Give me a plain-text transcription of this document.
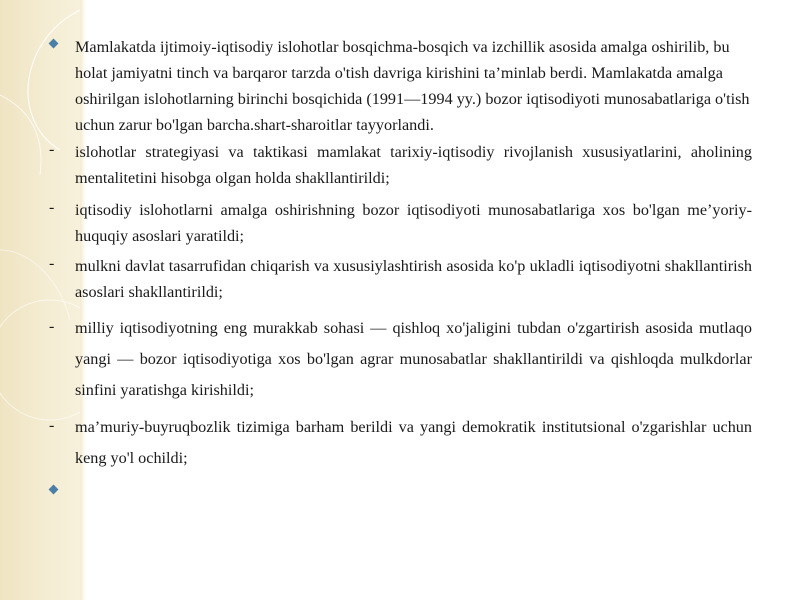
Mamlakatda ijtimoiy-iqtisodiy islohotlar bosqichma-bosqich va izchillik asosida amalga oshirilib, bu holat jamiyatni tinch va barqaror tarzda o'tish davriga kirishini ta’minlab berdi. Mamlakatda amalga oshirilgan islohotlarning birinchi bosqichida (1991—1994 yy.) bozor iqtisodiyoti munosabatlariga o'tish uchun zarur bo'lgan barcha.shart-sharoitlar tayyorlandi.
- islohotlar strategiyasi va taktikasi mamlakat tarixiy-iqtisodiy rivojlanish xususiyatlarini, aholining mentalitetini hisobga olgan holda shakllantirildi;
- iqtisodiy islohotlarni amalga oshirishning bozor iqtisodiyoti munosabatlariga xos bo'lgan me’yoriy-huquqiy asoslari yaratildi;
- mulkni davlat tasarrufidan chiqarish va xususiylashtirish asosida ko'p ukladli iqtisodiyotni shakllantirish asoslari shakllantirildi;
- milliy iqtisodiyotning eng murakkab sohasi — qishloq xo'jaligini tubdan o'zgartirish asosida mutlaqo yangi — bozor iqtisodiyotiga xos bo'lgan agrar munosabatlar shakllantirildi va qishloqda mulkdorlar sinfini yaratishga kirishildi;
- ma’muriy-buyruqbozlik tizimiga barham berildi va yangi demokratik institutsional o'zgarishlar uchun keng yo'l ochildi;
